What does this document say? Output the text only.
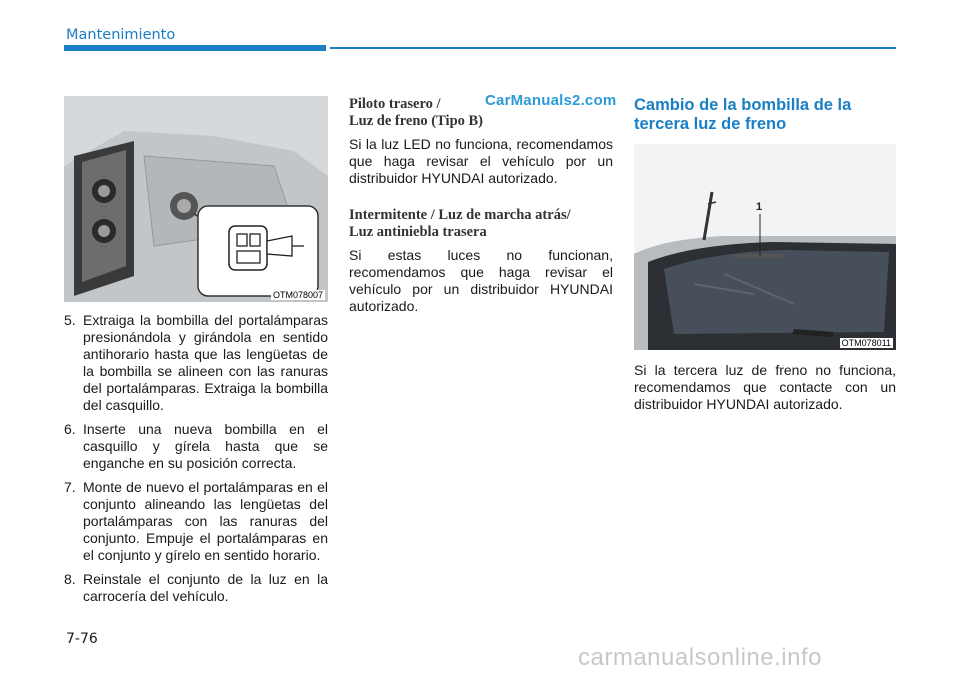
Mantenimiento
CarManuals2.com
OTM078007
5. Extraiga la bombilla del portalámparas presionándola y girándola en sentido antihorario hasta que las lengüetas de la bombilla se alineen con las ranuras del portalámparas. Extraiga la bombilla del casquillo.
6. Inserte una nueva bombilla en el casquillo y gírela hasta que se enganche en su posición correcta.
7. Monte de nuevo el portalámparas en el conjunto alineando las lengüetas del portalámparas con las ranuras del conjunto. Empuje el portalámparas en el conjunto y gírelo en sentido horario.
8. Reinstale el conjunto de la luz en la carrocería del vehículo.
Piloto trasero /
Luz de freno (Tipo B)

Si la luz LED no funciona, recomendamos que haga revisar el vehículo por un distribuidor HYUNDAI autorizado.

Intermitente / Luz de marcha atrás/
Luz antiniebla trasera

Si estas luces no funcionan, recomendamos que haga revisar el vehículo por un distribuidor HYUNDAI autorizado.

Cambio de la bombilla de la
tercera luz de freno
1
OTM078011

Si la tercera luz de freno no funciona, recomendamos que contacte con un distribuidor HYUNDAI autorizado.

7-76
carmanualsonline.info
